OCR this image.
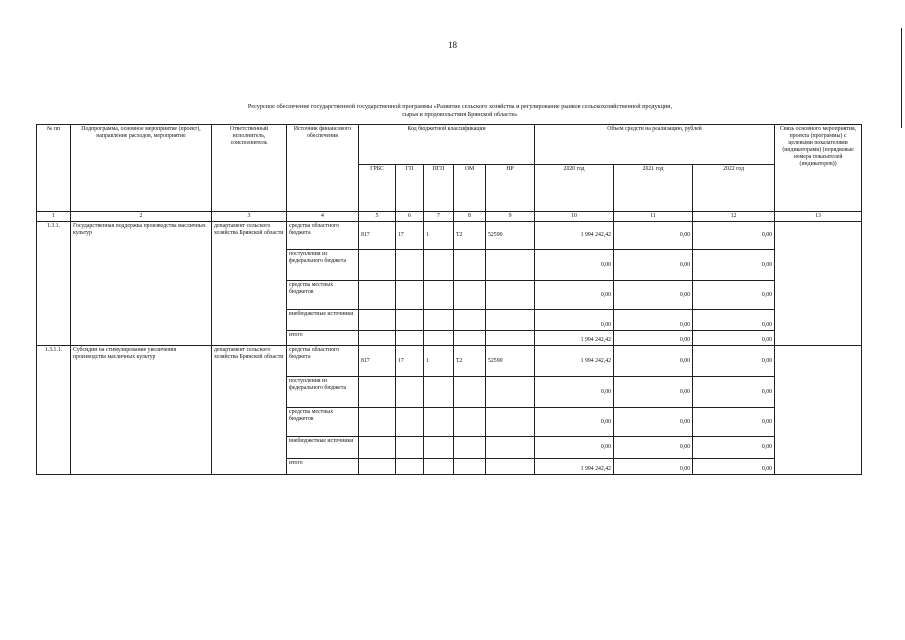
18
Ресурсное обеспечение государственной государственной программы «Развитие сельского хозяйства и регулирование рынков сельскохозяйственной продукции,
сырья и продовольствия Брянской области»
№ пп	Подпрограмма, основное мероприятие (проект), направление расходов, мероприятие	Ответственный исполнитель, соисполнитель	Источник финансового обеспечения	Код бюджетной классификации					Объем средств на реализацию, рублей			Связь основного мероприятия, проекта (программы) с целевыми показателями (индикаторами) (порядковые номера показателей (индикаторов))
				ГРБС	ГП	ПГП	ОМ	НР	2020 год	2021 год	2022 год	
1	2	3	4	5	6	7	8	9	10	11	12	13
1.3.1.	Государственная поддержка производства масличных культур	департамент сельского хозяйства Брянской области	средства областного бюджета	817	17	1	Т2	52590	1 994 242,42	0,00	0,00	
			поступления из федерального бюджета						0,00	0,00	0,00	
			средства местных бюджетов						0,00	0,00	0,00	
			внебюджетные источники						0,00	0,00	0,00	
			итого						1 994 242,42	0,00	0,00	
1.3.1.1.	Субсидии на стимулирование увеличения производства масличных культур	департамент сельского хозяйства Брянской области	средства областного бюджета	817	17	1	Т2	52590	1 994 242,42	0,00	0,00	
			поступления из федерального бюджета						0,00	0,00	0,00	
			средства местных бюджетов						0,00	0,00	0,00	
			внебюджетные источники						0,00	0,00	0,00	
			итого						1 994 242,42	0,00	0,00	
